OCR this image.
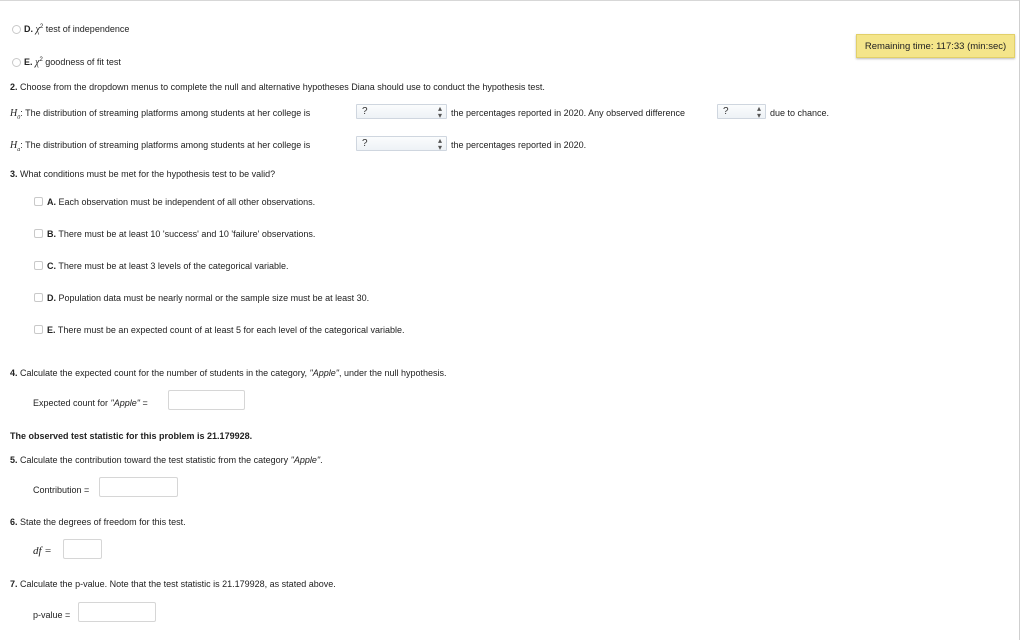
Remaining time: 117:33 (min:sec)
D. $\chi^2$ test of independence
E. $\chi^2$ goodness of fit test
2. Choose from the dropdown menus to complete the null and alternative hypotheses Diana should use to conduct the hypothesis test.
$H_0$: The distribution of streaming platforms among students at her college is	?	▴
▾ the percentages reported in 2020. Any observed difference	?	▴
▾ due to chance.
$H_a$: The distribution of streaming platforms among students at her college is	?	▴
▾ the percentages reported in 2020.
3. What conditions must be met for the hypothesis test to be valid?
A. Each observation must be independent of all other observations.
B. There must be at least 10 'success' and 10 'failure' observations.
C. There must be at least 3 levels of the categorical variable.
D. Population data must be nearly normal or the sample size must be at least 30.
E. There must be an expected count of at least 5 for each level of the categorical variable.
4. Calculate the expected count for the number of students in the category, "Apple", under the null hypothesis.
Expected count for "Apple" =
The observed test statistic for this problem is 21.179928.
5. Calculate the contribution toward the test statistic from the category "Apple".
Contribution =
6. State the degrees of freedom for this test.
df =
7. Calculate the p-value. Note that the test statistic is 21.179928, as stated above.
p-value =
